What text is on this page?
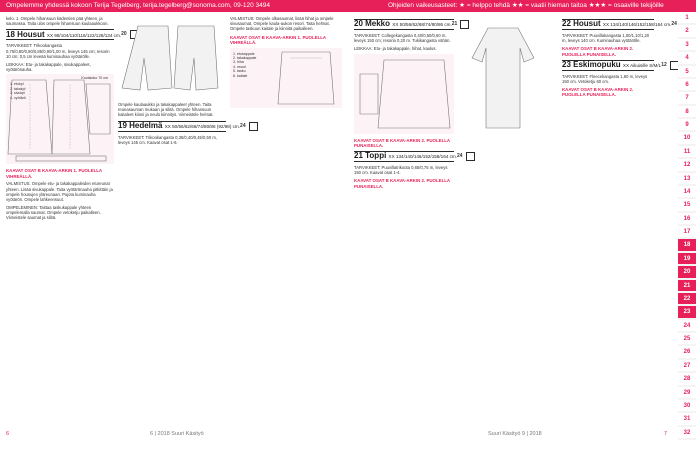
Ompelemme yhdessä kokoon Terija Tegelberg, terija.tegelberg@sonoma.com, 09-120 3494	Ohjeiden vaikeusasteet: ★ = helppo tehdä ★★ = vaatii hieman taitoa ★★★ = osaaville tekijöille

kelo. 1. Ompele hihansuun kädentien pää yhteen, ja saumassa. Taita ulos ompele hihansuun kaulaaukkoon.

18 Housut XX 98/104/110/116/122/128/134 cm. 20

TARVIKKEET: Trikookangasta 0,75/0,80/0,80/0,85/0,90/1,00 m, leveys 145 cm; resorin 10 cm; 0,5 cm leveää kuminauhaa vyötärölle.

LEIKKAA: Etu- ja takakappale, sivukappaleet, vyötärönauha.

1. etukpl
2. takakpl
3. sivukpl
4. vyötärö
Kuvakoko 70 cm

KAAVAT OSAT B KAAVA-ARKIN 1. PUOLELLA VIHREÄLLÄ.

VALMISTUS: Ompele etu- ja takakappaleiden etureunat yhteen. Lisää sivukappale. Taita vyötärönauha pitkittäin ja ompele housujen yläreunaan. Pujota kuminauha vyötärön. Ompele lahkeensuut.

OMPELEMINEN: Taittaa taskukappale yhteen ompelemalla saumat. Ompele vetoketju paikalleen. Viimeistele saumat ja silitä.

Ompele kaulaaukko ja takakappaleet yhteen. Taita reunasauman mukaan ja silitä. Ompele hihansuun kaitaleet kiinni ja neulo kiinnitys. Viimeistele helmat.

19 Hedelmä XX 50/56/62/68/74/80/86 (92/98) cm. 24

TARVIKKEET: Trikookangasta 0,35/0,40/0,45/0,50 m, leveys 145 cm. Kaavat osat 1-6.

VALMISTUS: Ompele olkasaumat, lisää hihat ja ompele sivusaumat. Ompele kaula-aukon resori. Taita helmat. Ompele taskuun kaitale ja kiinnitä paikalleen.

KAAVAT OSAT B KAAVA-ARKIN 1. PUOLELLA VIHREÄLLÄ.

1. etukappale
2. takakappale
3. hiha
4. resori
5. tasku
6. kaitale
6	6 | 2018 Suuri Käsityö
20 Mekko XX 50/56/62/68/74/80/86 cm. 21

TARVIKKEET: Collegekangasta 0,40/0,50/0,60 m, leveys 150 cm; resoria 0,20 m. Tukikangasta vähän.

LEIKKAA: Etu- ja takakappale, hihat, kaulus.

KAAVAT OSAT B KAAVA-ARKIN 2. PUOLELLA PUNAISELLA.

21 Toppi XX 134/140/146/152/158/164 cm. 24

TARVIKKEET: Puuvillatrikoota 0,65/0,75 m, leveys 150 cm. Kaavat osat 1-4.

KAAVAT OSAT B KAAVA-ARKIN 2. PUOLELLA PUNAISELLA.

22 Housut XX 134/140/146/152/158/164 cm. 24

TARVIKKEET: Puuvillakangasta 1,00/1,10/1,20 m, leveys 140 cm. Kuminauhaa vyötärölle.

KAAVAT OSAT B KAAVA-ARKIN 2. PUOLELLA PUNAISELLA.

23 Eskimopuku XX Aikuisille S/M/L 12

TARVIKKEET: Fleecekangasta 1,80 m, leveys 150 cm. Vetoketju 60 cm.

KAAVAT OSAT B KAAVA-ARKIN 2. PUOLELLA PUNAISELLA.

Suuri Käsityö 9 | 2018	7
1
2
3
4
5
6
7
8
9
10
11
12
13
14
15
16
17
18
19
20
21
22
23
24
25
26
27
28
29
30
31
32
